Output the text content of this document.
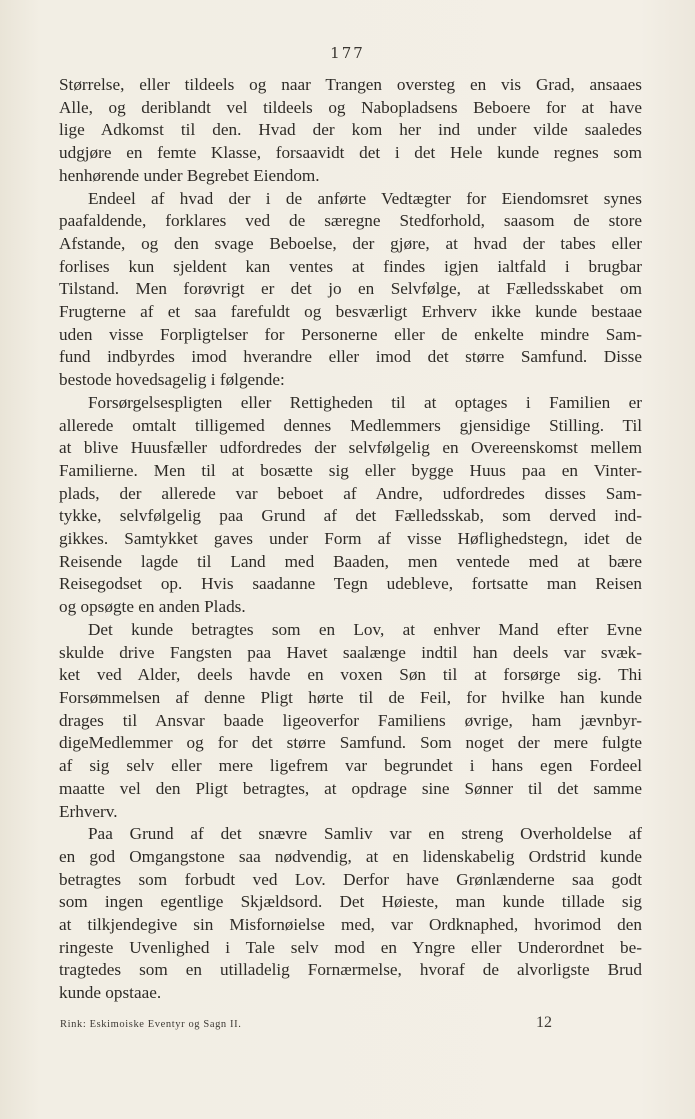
177
Størrelse, eller tildeels og naar Trangen oversteg en vis Grad, ansaaes
Alle, og deriblandt vel tildeels og Nabopladsens Beboere for at have
lige Adkomst til den. Hvad der kom her ind under vilde saaledes
udgjøre en femte Klasse, forsaavidt det i det Hele kunde regnes som
henhørende under Begrebet Eiendom.
Endeel af hvad der i de anførte Vedtægter for Eiendomsret synes
paafaldende, forklares ved de særegne Stedforhold, saasom de store
Afstande, og den svage Beboelse, der gjøre, at hvad der tabes eller
forlises kun sjeldent kan ventes at findes igjen ialtfald i brugbar
Tilstand. Men forøvrigt er det jo en Selvfølge, at Fælledsskabet om
Frugterne af et saa farefuldt og besværligt Erhverv ikke kunde bestaae
uden visse Forpligtelser for Personerne eller de enkelte mindre Sam-
fund indbyrdes imod hverandre eller imod det større Samfund. Disse
bestode hovedsagelig i følgende:
Forsørgelsespligten eller Rettigheden til at optages i Familien er
allerede omtalt tilligemed dennes Medlemmers gjensidige Stilling. Til
at blive Huusfæller udfordredes der selvfølgelig en Overeenskomst mellem
Familierne. Men til at bosætte sig eller bygge Huus paa en Vinter-
plads, der allerede var beboet af Andre, udfordredes disses Sam-
tykke, selvfølgelig paa Grund af det Fælledsskab, som derved ind-
gikkes. Samtykket gaves under Form af visse Høflighedstegn, idet de
Reisende lagde til Land med Baaden, men ventede med at bære
Reisegodset op. Hvis saadanne Tegn udebleve, fortsatte man Reisen
og opsøgte en anden Plads.
Det kunde betragtes som en Lov, at enhver Mand efter Evne
skulde drive Fangsten paa Havet saalænge indtil han deels var svæk-
ket ved Alder, deels havde en voxen Søn til at forsørge sig. Thi
Forsømmelsen af denne Pligt hørte til de Feil, for hvilke han kunde
drages til Ansvar baade ligeoverfor Familiens øvrige, ham jævnbyr-
digeMedlemmer og for det større Samfund. Som noget der mere fulgte
af sig selv eller mere ligefrem var begrundet i hans egen Fordeel
maatte vel den Pligt betragtes, at opdrage sine Sønner til det samme
Erhverv.
Paa Grund af det snævre Samliv var en streng Overholdelse af
en god Omgangstone saa nødvendig, at en lidenskabelig Ordstrid kunde
betragtes som forbudt ved Lov. Derfor have Grønlænderne saa godt
som ingen egentlige Skjældsord. Det Høieste, man kunde tillade sig
at tilkjendegive sin Misfornøielse med, var Ordknaphed, hvorimod den
ringeste Uvenlighed i Tale selv mod en Yngre eller Underordnet be-
tragtedes som en utilladelig Fornærmelse, hvoraf de alvorligste Brud
kunde opstaae.
Rink: Eskimoiske Eventyr og Sagn II.	12
